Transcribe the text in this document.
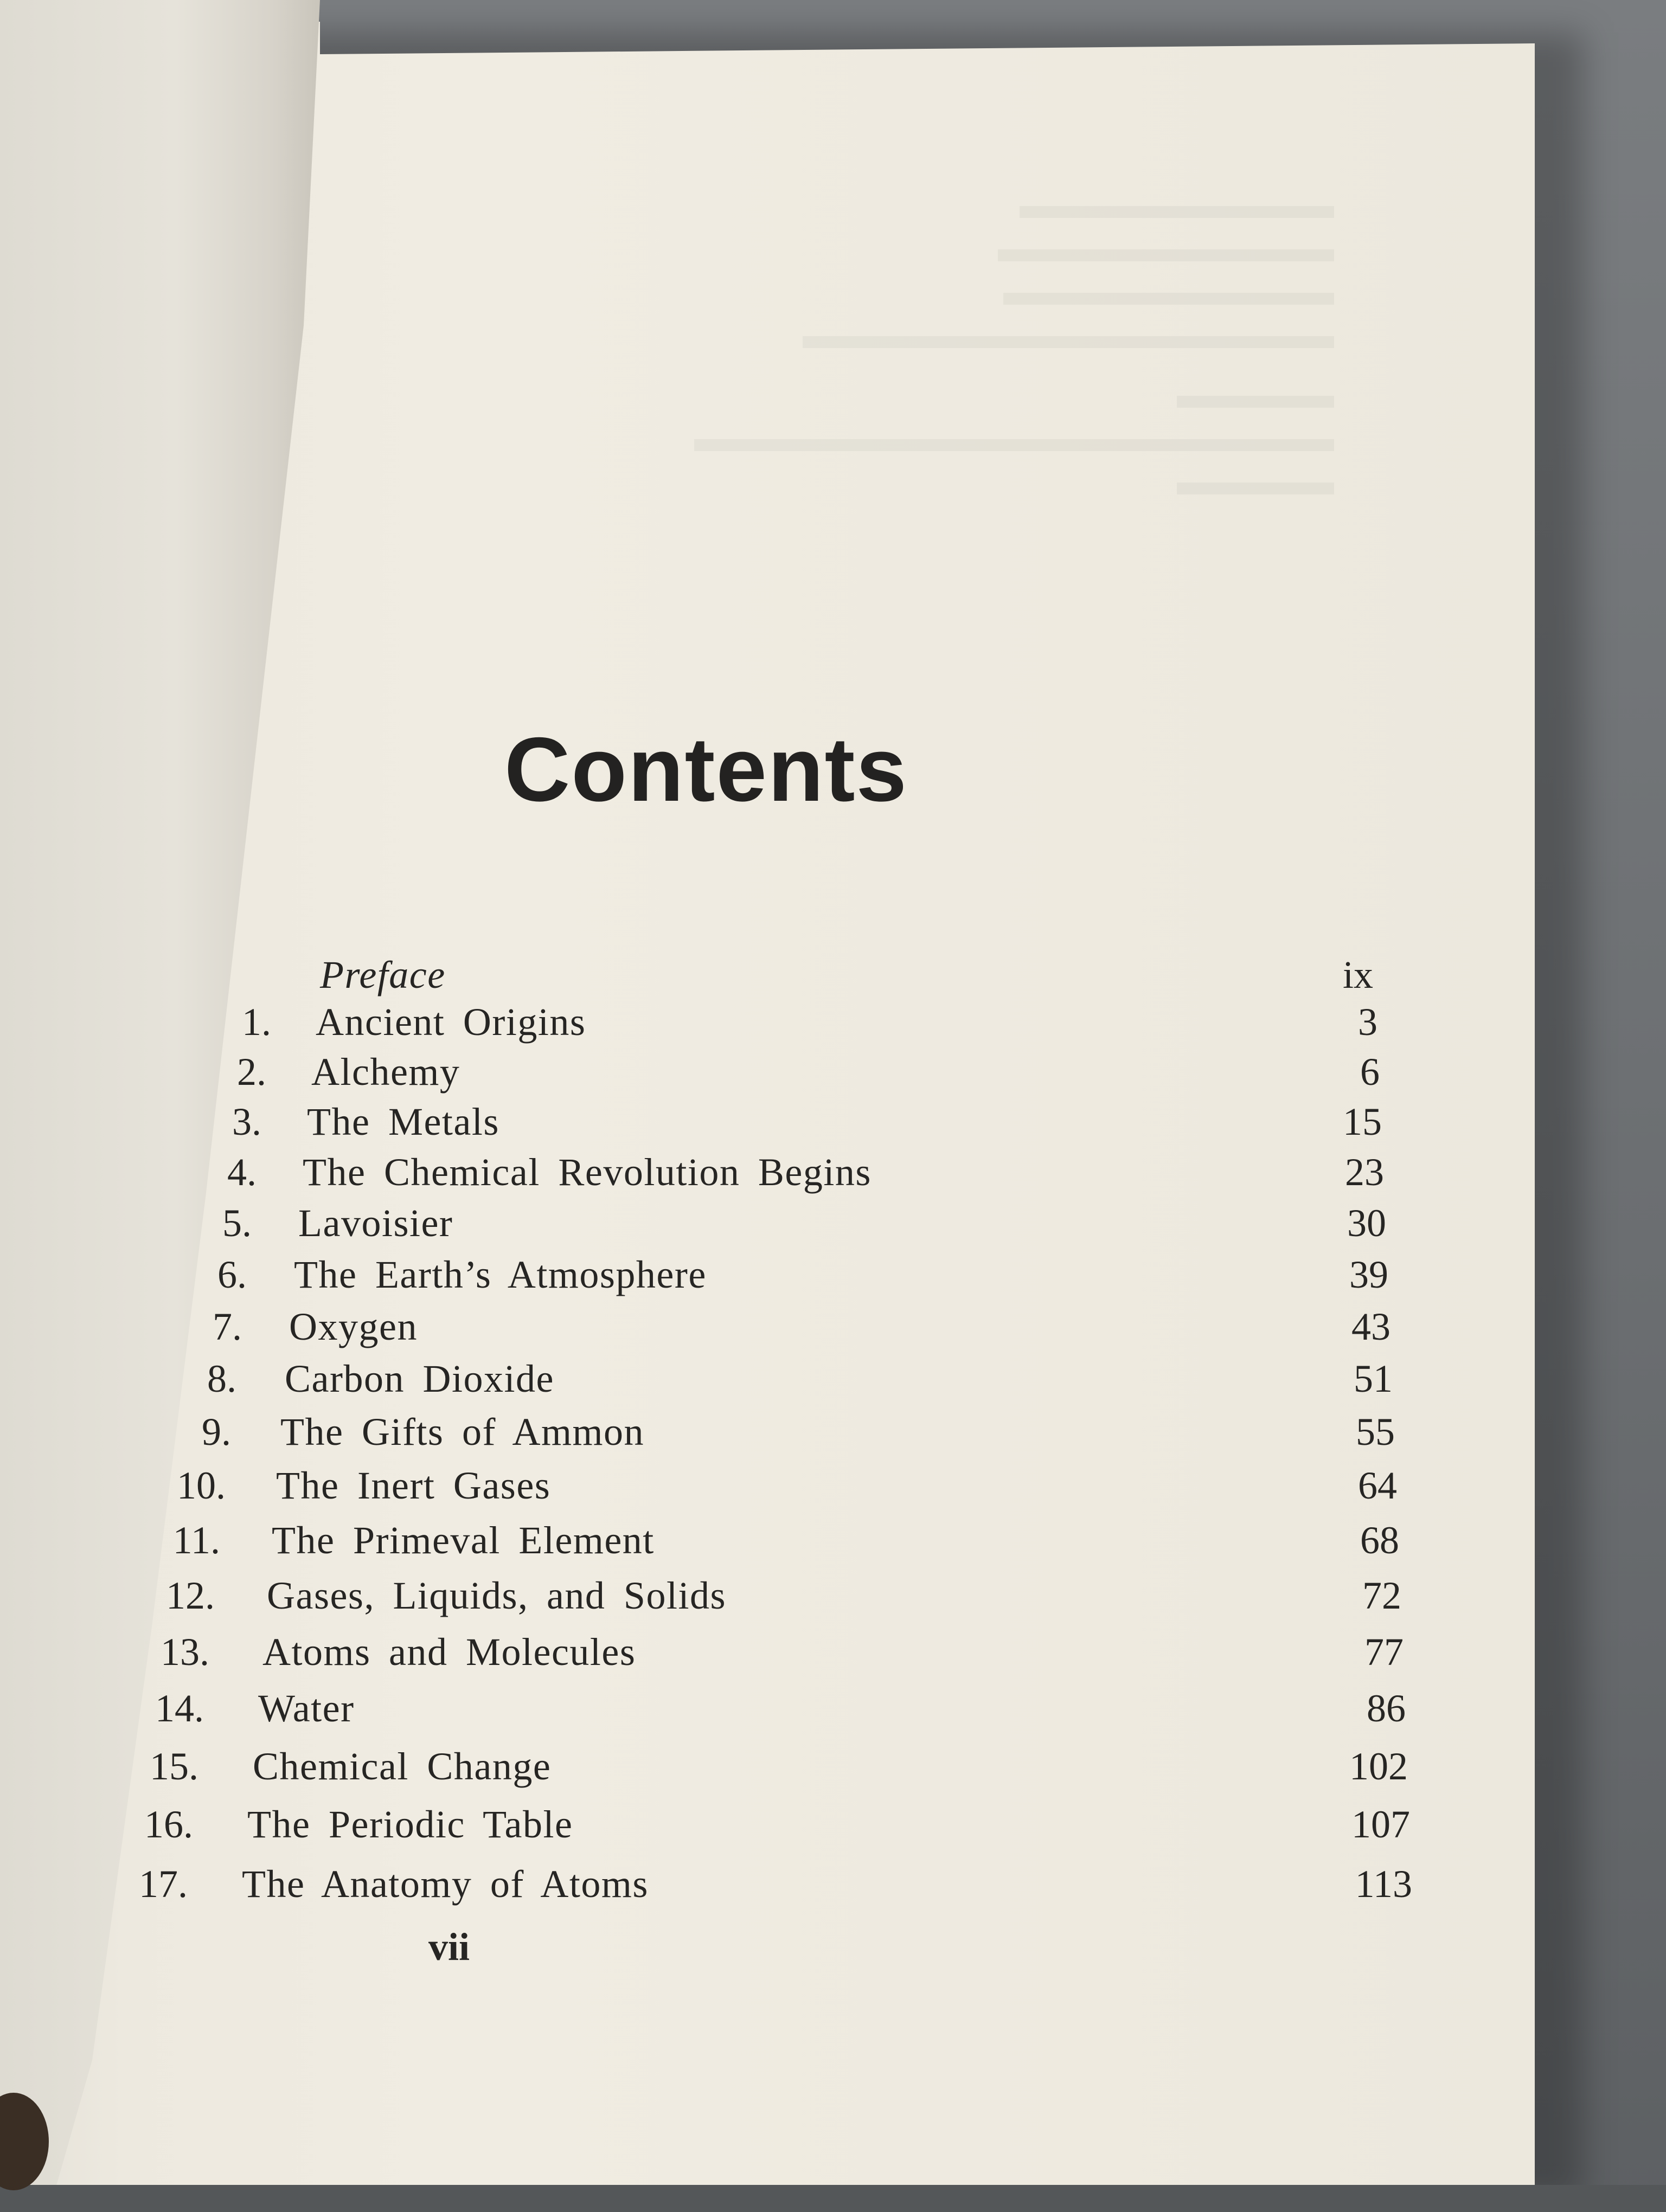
Contents
Preface	ix
1. Ancient Origins	3
2. Alchemy	6
3. The Metals	15
4. The Chemical Revolution Begins	23
5. Lavoisier	30
6. The Earth’s Atmosphere	39
7. Oxygen	43
8. Carbon Dioxide	51
9. The Gifts of Ammon	55
10. The Inert Gases	64
11. The Primeval Element	68
12. Gases, Liquids, and Solids	72
13. Atoms and Molecules	77
14. Water	86
15. Chemical Change	102
16. The Periodic Table	107
17. The Anatomy of Atoms	113
vii
